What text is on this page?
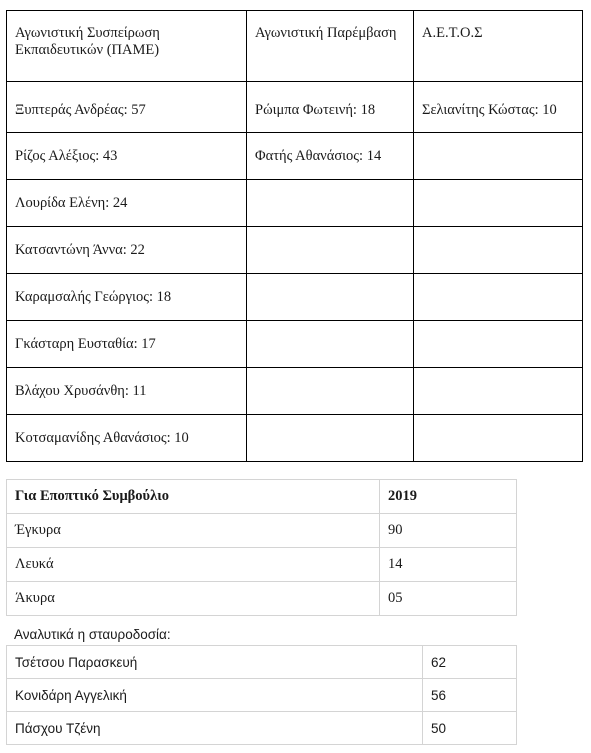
Αγωνιστική Συσπείρωση Εκπαιδευτικών (ΠΑΜΕ)	Αγωνιστική Παρέμβαση	Α.Ε.Τ.Ο.Σ
Ξυπτεράς Ανδρέας: 57	Ρώιμπα Φωτεινή: 18	Σελιανίτης Κώστας: 10
Ρίζος Αλέξιος: 43	Φατής Αθανάσιος: 14	
Λουρίδα Ελένη: 24		
Κατσαντώνη Άννα: 22		
Καραμσαλής Γεώργιος: 18		
Γκάσταρη Ευσταθία: 17		
Βλάχου Χρυσάνθη: 11		
Κοτσαμανίδης Αθανάσιος: 10		
Για Εποπτικό Συμβούλιο	2019
Έγκυρα	90
Λευκά	14
Άκυρα	05
Αναλυτικά η σταυροδοσία:
Τσέτσου Παρασκευή	62
Κονιδάρη Αγγελική	56
Πάσχου Τζένη	50
